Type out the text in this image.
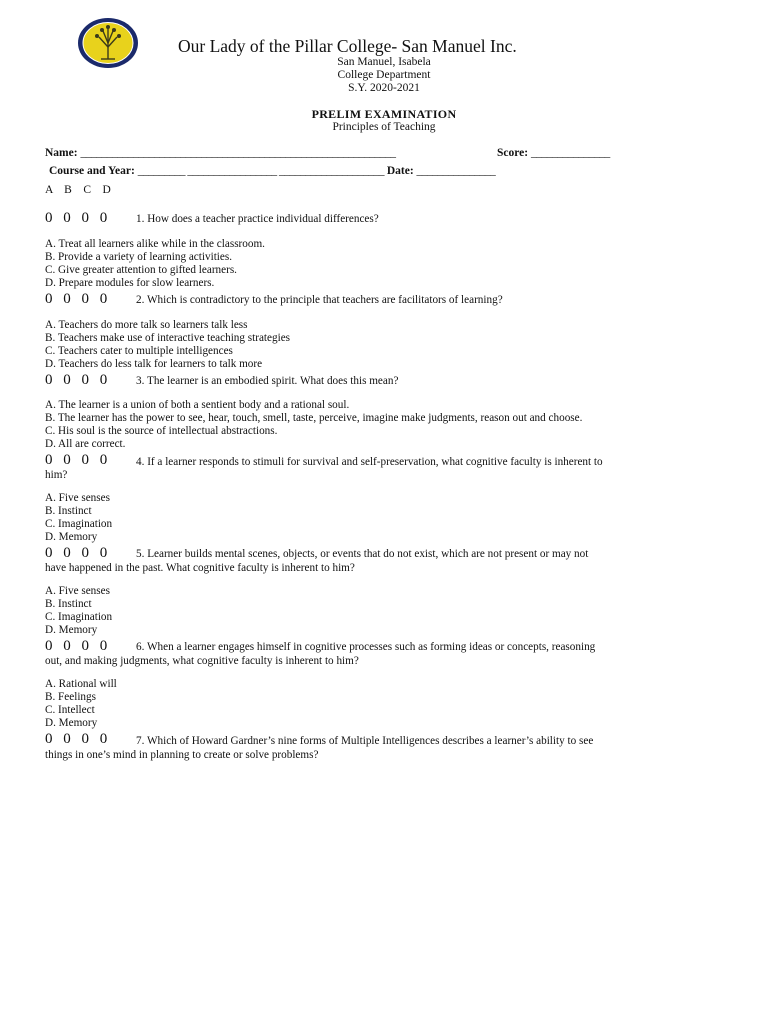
Our Lady of the Pillar College- San Manuel Inc.
San Manuel, Isabela
College Department
S.Y. 2020-2021
PRELIM EXAMINATION
Principles of Teaching
Name: ____________________________________________________________	Score: _______________
Course and Year: _________ _________________ ____________________ Date: _______________
A    B    C    D
0 0 0 0 1. How does a teacher practice individual differences?
A. Treat all learners alike while in the classroom.
B. Provide a variety of learning activities.
C. Give greater attention to gifted learners.
D. Prepare modules for slow learners.
0 0 0 0 2. Which is contradictory to the principle that teachers are facilitators of learning?
A. Teachers do more talk so learners talk less
B. Teachers make use of interactive teaching strategies
C. Teachers cater to multiple intelligences
D. Teachers do less talk for learners to talk more
0 0 0 0 3. The learner is an embodied spirit. What does this mean?
A. The learner is a union of both a sentient body and a rational soul.
B. The learner has the power to see, hear, touch, smell, taste, perceive, imagine make judgments, reason out and choose.
C. His soul is the source of intellectual abstractions.
D. All are correct.
0 0 0 0 4. If a learner responds to stimuli for survival and self-preservation, what cognitive faculty is inherent to
him?
A. Five senses
B. Instinct
C. Imagination
D. Memory
0 0 0 0 5. Learner builds mental scenes, objects, or events that do not exist, which are not present or may not
have happened in the past. What cognitive faculty is inherent to him?
A. Five senses
B. Instinct
C. Imagination
D. Memory
0 0 0 0 6. When a learner engages himself in cognitive processes such as forming ideas or concepts, reasoning
out, and making judgments, what cognitive faculty is inherent to him?
A. Rational will
B. Feelings
C. Intellect
D. Memory
0 0 0 0 7. Which of Howard Gardner’s nine forms of Multiple Intelligences describes a learner’s ability to see
things in one’s mind in planning to create or solve problems?
